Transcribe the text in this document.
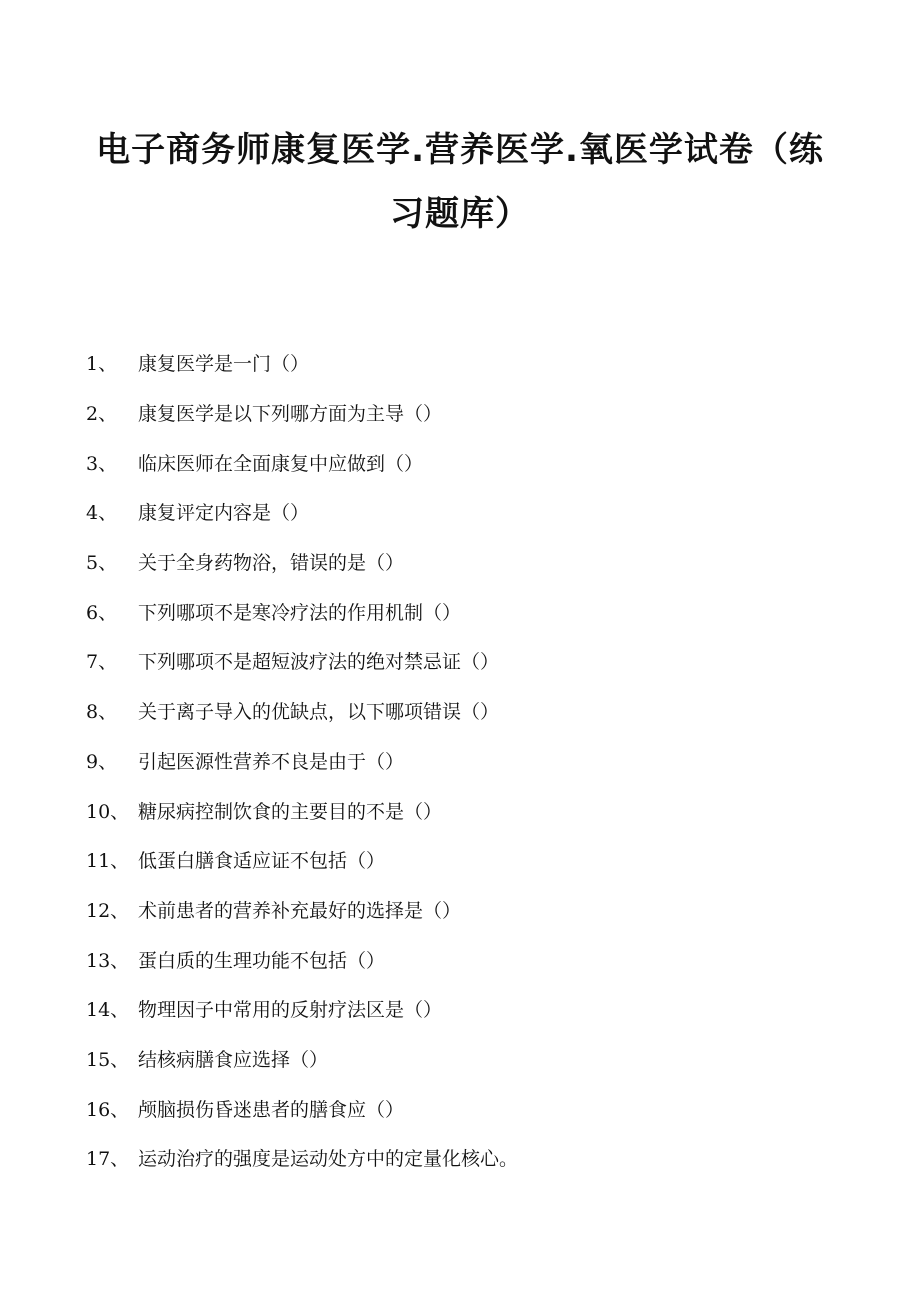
电子商务师康复医学.营养医学.氧医学试卷（练
习题库）
1、	康复医学是一门（）
2、	康复医学是以下列哪方面为主导（）
3、	临床医师在全面康复中应做到（）
4、	康复评定内容是（）
5、	关于全身药物浴，错误的是（）
6、	下列哪项不是寒冷疗法的作用机制（）
7、	下列哪项不是超短波疗法的绝对禁忌证（）
8、	关于离子导入的优缺点，以下哪项错误（）
9、	引起医源性营养不良是由于（）
10、 糖尿病控制饮食的主要目的不是（）
11、 低蛋白膳食适应证不包括（）
12、 术前患者的营养补充最好的选择是（）
13、 蛋白质的生理功能不包括（）
14、 物理因子中常用的反射疗法区是（）
15、 结核病膳食应选择（）
16、 颅脑损伤昏迷患者的膳食应（）
17、 运动治疗的强度是运动处方中的定量化核心。
